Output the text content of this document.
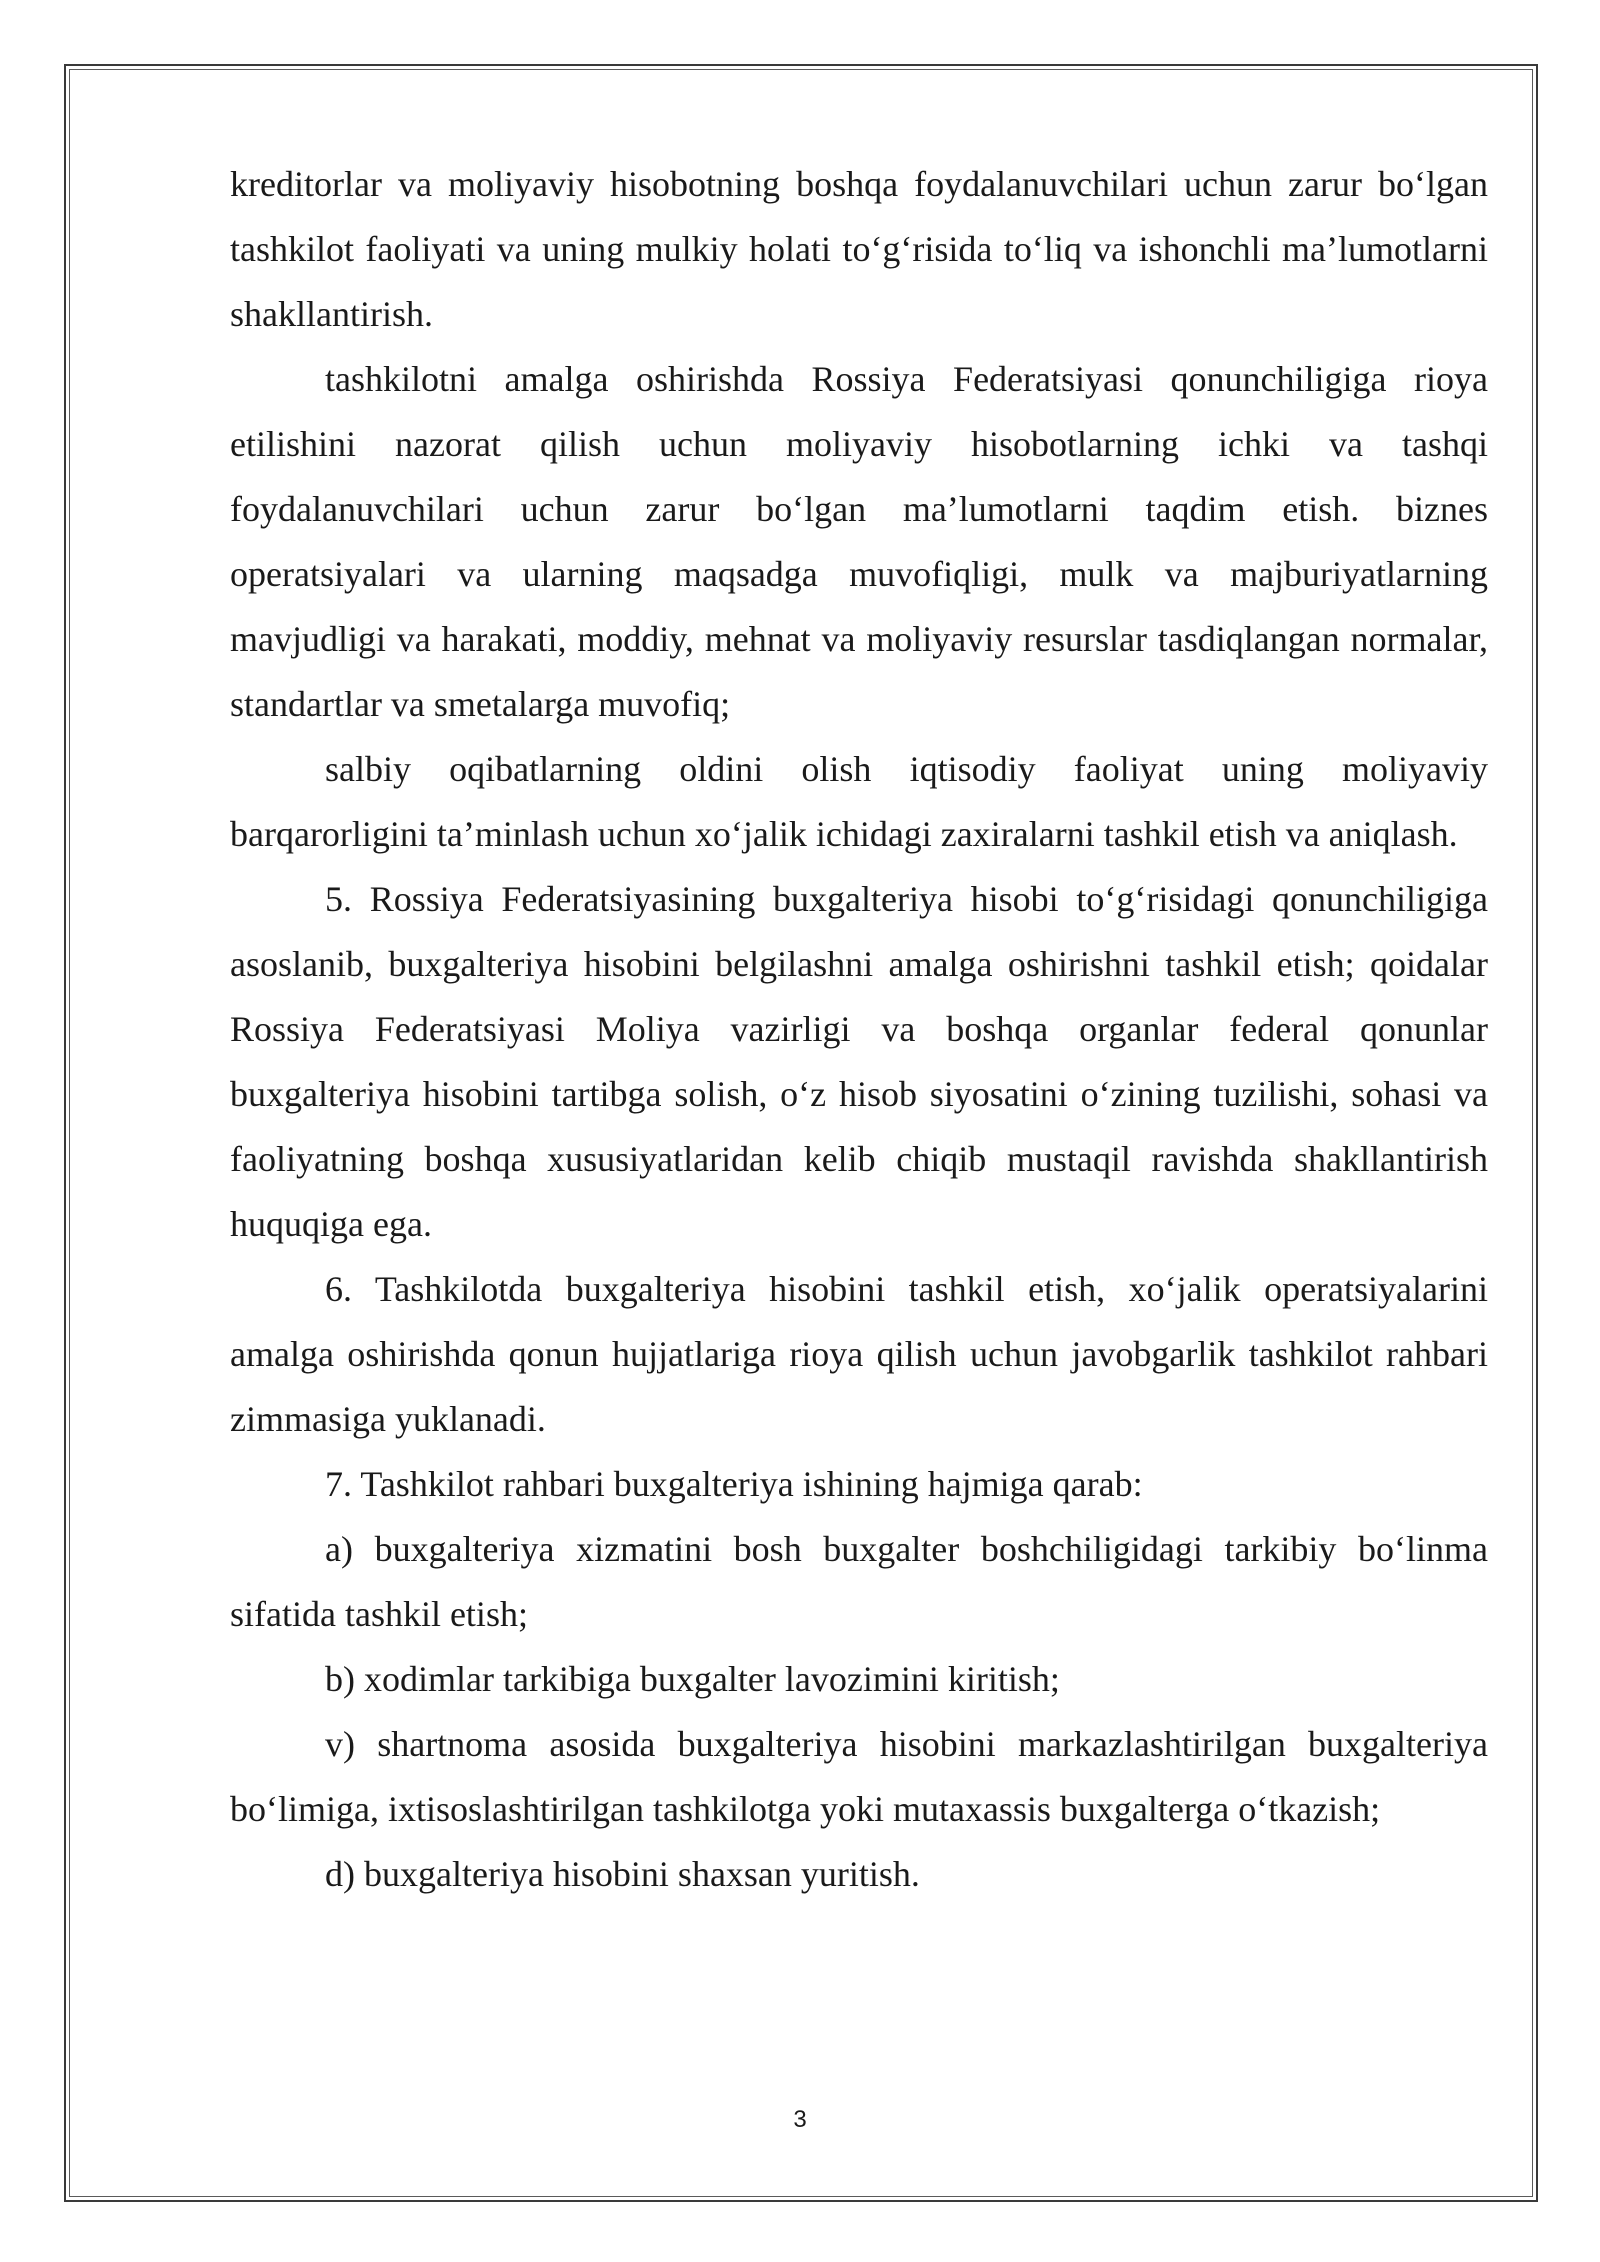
kreditorlar va moliyaviy hisobotning boshqa foydalanuvchilari uchun zarur bo‘lgan tashkilot faoliyati va uning mulkiy holati to‘g‘risida to‘liq va ishonchli ma’lumotlarni shakllantirish.

tashkilotni amalga oshirishda Rossiya Federatsiyasi qonunchiligiga rioya etilishini nazorat qilish uchun moliyaviy hisobotlarning ichki va tashqi foydalanuvchilari uchun zarur bo‘lgan ma’lumotlarni taqdim etish. biznes operatsiyalari va ularning maqsadga muvofiqligi, mulk va majburiyatlarning mavjudligi va harakati, moddiy, mehnat va moliyaviy resurslar tasdiqlangan normalar, standartlar va smetalarga muvofiq;

salbiy oqibatlarning oldini olish iqtisodiy faoliyat uning moliyaviy barqarorligini ta’minlash uchun xo‘jalik ichidagi zaxiralarni tashkil etish va aniqlash.

5. Rossiya Federatsiyasining buxgalteriya hisobi to‘g‘risidagi qonunchiligiga asoslanib, buxgalteriya hisobini belgilashni amalga oshirishni tashkil etish; qoidalar Rossiya Federatsiyasi Moliya vazirligi va boshqa organlar federal qonunlar buxgalteriya hisobini tartibga solish, o‘z hisob siyosatini o‘zining tuzilishi, sohasi va faoliyatning boshqa xususiyatlaridan kelib chiqib mustaqil ravishda shakllantirish huquqiga ega.

6. Tashkilotda buxgalteriya hisobini tashkil etish, xo‘jalik operatsiyalarini amalga oshirishda qonun hujjatlariga rioya qilish uchun javobgarlik tashkilot rahbari zimmasiga yuklanadi.

7. Tashkilot rahbari buxgalteriya ishining hajmiga qarab:

a) buxgalteriya xizmatini bosh buxgalter boshchiligidagi tarkibiy bo‘linma sifatida tashkil etish;

b) xodimlar tarkibiga buxgalter lavozimini kiritish;

v) shartnoma asosida buxgalteriya hisobini markazlashtirilgan buxgalteriya bo‘limiga, ixtisoslashtirilgan tashkilotga yoki mutaxassis buxgalterga o‘tkazish;

d) buxgalteriya hisobini shaxsan yuritish.

3
